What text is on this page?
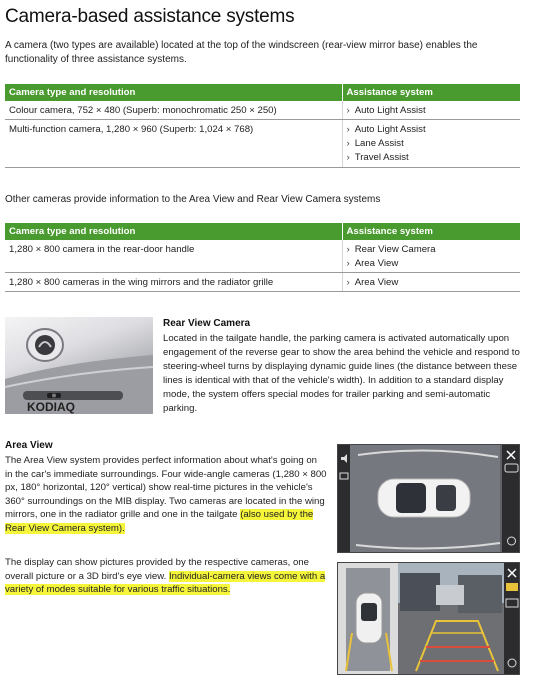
Camera-based assistance systems
A camera (two types are available) located at the top of the windscreen (rear-view mirror base) enables the functionality of three assistance systems.
Camera type and resolution	Assistance system
Colour camera, 752 × 480 (Superb: monochromatic 250 × 250)	› Auto Light Assist

Multi-function camera, 1,280 × 960 (Superb: 1,024 × 768)	› Auto Light Assist
› Lane Assist
› Travel Assist
Other cameras provide information to the Area View and Rear View Camera systems
Camera type and resolution	Assistance system
1,280 × 800 camera in the rear-door handle	› Rear View Camera
› Area View

1,280 × 800 cameras in the wing mirrors and the radiator grille	› Area View
KODIAQ
Rear View Camera
Located in the tailgate handle, the parking camera is activated automatically upon engagement of the reverse gear to show the area behind the vehicle and respond to steering-wheel turns by displaying dynamic guide lines (the distance between these lines is identical with that of the vehicle's width). In addition to a standard display mode, the system offers special modes for trailer parking and semi-automatic parking.
Area View
The Area View system provides perfect information about what's going on in the car's immediate surroundings. Four wide-angle cameras (1,280 × 800 px, 180° horizontal, 120° vertical) show real-time pictures in the vehicle's 360° surroundings on the MIB display. Two cameras are located in the wing mirrors, one in the radiator grille and one in the tailgate (also used by the Rear View Camera system).
The display can show pictures provided by the respective cameras, one overall picture or a 3D bird's eye view. Individual-camera views come with a variety of modes suitable for various traffic situations.
